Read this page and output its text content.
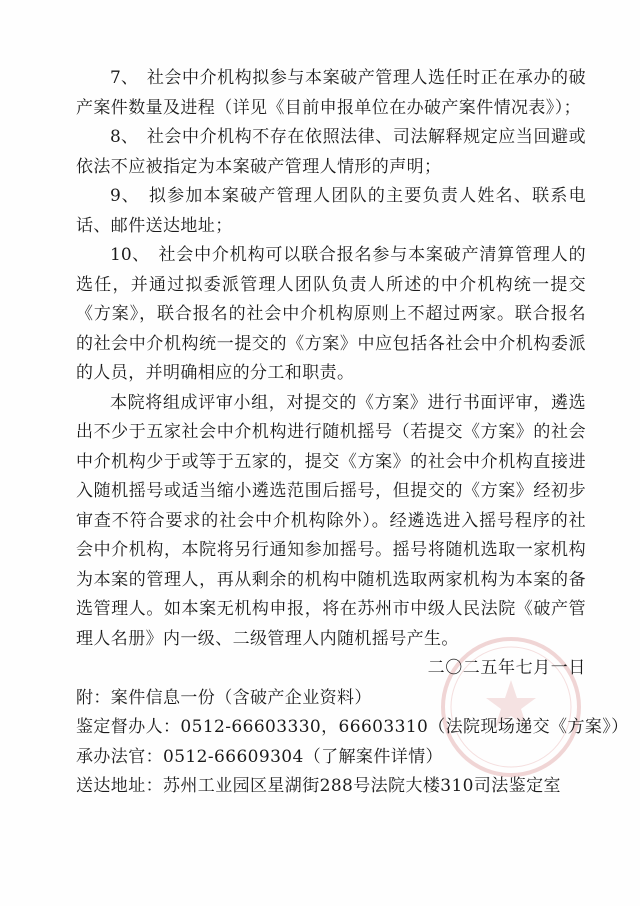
7、　社会中介机构拟参与本案破产管理人选任时正在承办的破产案件数量及进程（详见《目前申报单位在办破产案件情况表》）；

8、　社会中介机构不存在依照法律、司法解释规定应当回避或依法不应被指定为本案破产管理人情形的声明；

9、　拟参加本案破产管理人团队的主要负责人姓名、联系电话、邮件送达地址；

10、　社会中介机构可以联合报名参与本案破产清算管理人的选任，并通过拟委派管理人团队负责人所述的中介机构统一提交《方案》，联合报名的社会中介机构原则上不超过两家。联合报名的社会中介机构统一提交的《方案》中应包括各社会中介机构委派的人员，并明确相应的分工和职责。

本院将组成评审小组，对提交的《方案》进行书面评审，遴选出不少于五家社会中介机构进行随机摇号（若提交《方案》的社会中介机构少于或等于五家的，提交《方案》的社会中介机构直接进入随机摇号或适当缩小遴选范围后摇号，但提交的《方案》经初步审查不符合要求的社会中介机构除外）。经遴选进入摇号程序的社会中介机构，本院将另行通知参加摇号。摇号将随机选取一家机构为本案的管理人，再从剩余的机构中随机选取两家机构为本案的备选管理人。如本案无机构申报，将在苏州市中级人民法院《破产管理人名册》内一级、二级管理人内随机摇号产生。

二〇二五年七月一日

附：案件信息一份（含破产企业资料）

鉴定督办人：0512-66603330，66603310（法院现场递交《方案》）

承办法官：0512-66609304（了解案件详情）

送达地址：苏州工业园区星湖街288号法院大楼310司法鉴定室
